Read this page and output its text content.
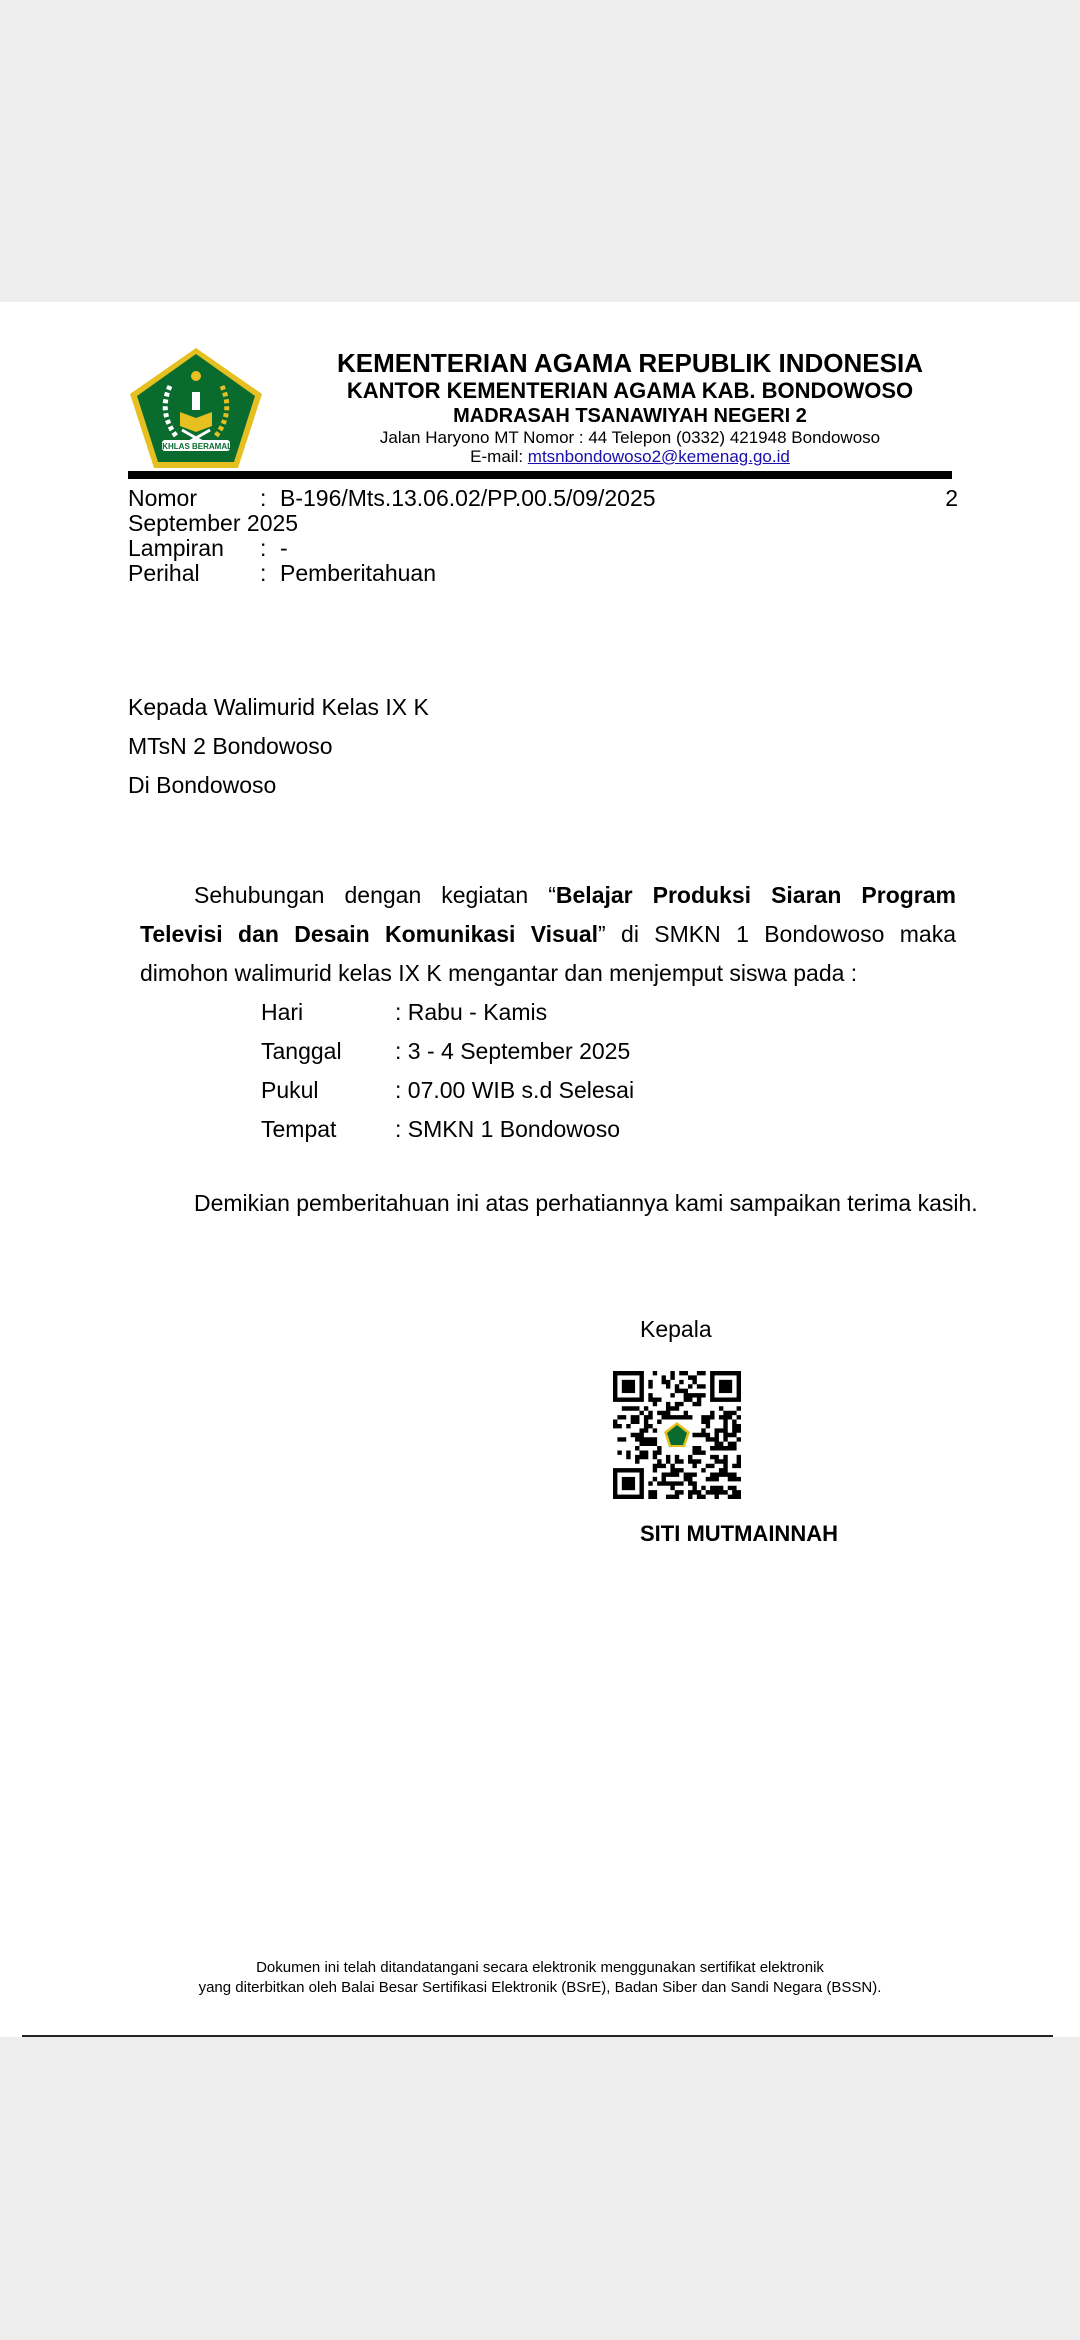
IKHLAS BERAMAL
KEMENTERIAN AGAMA REPUBLIK INDONESIA
KANTOR KEMENTERIAN AGAMA KAB. BONDOWOSO
MADRASAH TSANAWIYAH NEGERI 2
Jalan Haryono MT Nomor : 44 Telepon (0332) 421948 Bondowoso
E-mail: mtsnbondowoso2@kemenag.go.id
Nomor	: B-196/Mts.13.06.02/PP.00.5/09/2025	2
September 2025
Lampiran : -
Perihal	: Pemberitahuan
Kepada Walimurid Kelas IX K
MTsN 2 Bondowoso
Di Bondowoso
Sehubungan dengan kegiatan “Belajar Produksi Siaran Program Televisi dan Desain Komunikasi Visual” di SMKN 1 Bondowoso maka dimohon walimurid kelas IX K mengantar dan menjemput siswa pada :
Hari	: Rabu - Kamis
Tanggal : 3 - 4 September 2025
Pukul	: 07.00 WIB s.d Selesai
Tempat	: SMKN 1 Bondowoso
Demikian pemberitahuan ini atas perhatiannya kami sampaikan terima kasih.
Kepala
SITI MUTMAINNAH
Dokumen ini telah ditandatangani secara elektronik menggunakan sertifikat elektronik
yang diterbitkan oleh Balai Besar Sertifikasi Elektronik (BSrE), Badan Siber dan Sandi Negara (BSSN).
